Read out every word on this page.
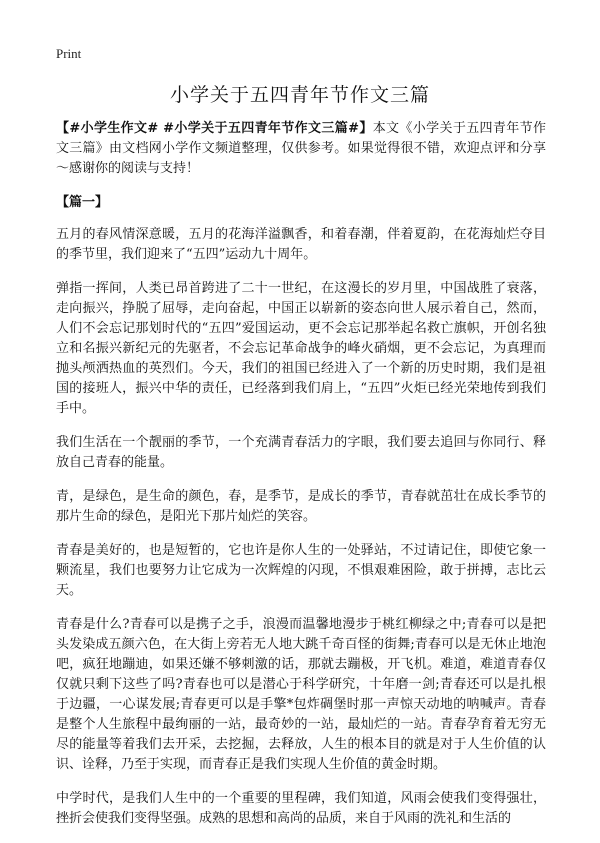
Print
小学关于五四青年节作文三篇

【#小学生作文# #小学关于五四青年节作文三篇#】本文《小学关于五四青年节作文三篇》由文档网小学作文频道整理，仅供参考。如果觉得很不错，欢迎点评和分享～感谢你的阅读与支持！

【篇一】

五月的春风情深意暖，五月的花海洋溢飘香，和着春潮，伴着夏韵，在花海灿烂夺目的季节里，我们迎来了“五四”运动九十周年。

弹指一挥间，人类已昂首跨进了二十一世纪，在这漫长的岁月里，中国战胜了衰落，走向振兴，挣脱了屈辱，走向奋起，中国正以崭新的姿态向世人展示着自己，然而，人们不会忘记那划时代的“五四”爱国运动，更不会忘记那举起名救亡旗帜，开创名独立和名振兴新纪元的先驱者，不会忘记革命战争的峰火硝烟，更不会忘记，为真理而抛头颅洒热血的英烈们。今天，我们的祖国已经进入了一个新的历史时期，我们是祖国的接班人，振兴中华的责任，已经落到我们肩上，“五四”火炬已经光荣地传到我们手中。

我们生活在一个靓丽的季节，一个充满青春活力的字眼，我们要去追回与你同行、释放自己青春的能量。

青，是绿色，是生命的颜色，春，是季节，是成长的季节，青春就茁壮在成长季节的那片生命的绿色，是阳光下那片灿烂的笑容。

青春是美好的，也是短暂的，它也许是你人生的一处驿站，不过请记住，即使它象一颗流星，我们也要努力让它成为一次辉煌的闪现，不惧艰难困险，敢于拼搏，志比云天。

青春是什么?青春可以是携子之手，浪漫而温馨地漫步于桃红柳绿之中;青春可以是把头发染成五颜六色，在大街上旁若无人地大跳千奇百怪的街舞;青春可以是无休止地泡吧，疯狂地蹦迪，如果还嫌不够刺激的话，那就去蹦极，开飞机。难道，难道青春仅仅就只剩下这些了吗?青春也可以是潜心于科学研究，十年磨一剑;青春还可以是扎根于边疆，一心谋发展;青春更可以是手擎*包炸碉堡时那一声惊天动地的呐喊声。青春是整个人生旅程中最绚丽的一站，最奇妙的一站，最灿烂的一站。青春孕育着无穷无尽的能量等着我们去开采，去挖掘，去释放，人生的根本目的就是对于人生价值的认识、诠释，乃至于实现，而青春正是我们实现人生价值的黄金时期。

中学时代，是我们人生中的一个重要的里程碑，我们知道，风雨会使我们变得强壮，挫折会使我们变得坚强。成熟的思想和高尚的品质，来自于风雨的洗礼和生活的
